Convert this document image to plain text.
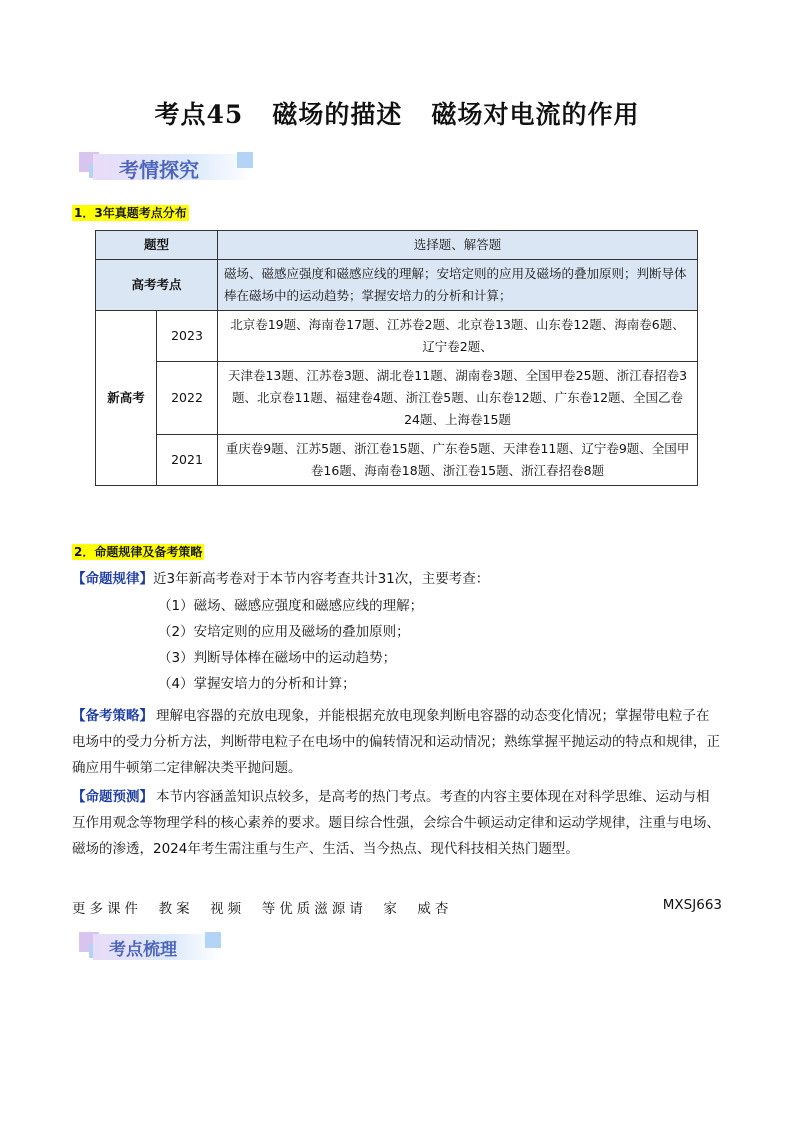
考点45   磁场的描述   磁场对电流的作用
考情探究
1．3年真题考点分布
题型		选择题、解答题
高考考点		磁场、磁感应强度和磁感应线的理解；安培定则的应用及磁场的叠加原则；判断导体棒在磁场中的运动趋势；掌握安培力的分析和计算；
新高考	2023	北京卷19题、海南卷17题、江苏卷2题、北京卷13题、山东卷12题、海南卷6题、辽宁卷2题、
	2022	天津卷13题、江苏卷3题、湖北卷11题、湖南卷3题、全国甲卷25题、浙江春招卷3题、北京卷11题、福建卷4题、浙江卷5题、山东卷12题、广东卷12题、全国乙卷24题、上海卷15题
	2021	重庆卷9题、江苏5题、浙江卷15题、广东卷5题、天津卷11题、辽宁卷9题、全国甲卷16题、海南卷18题、浙江卷15题、浙江春招卷8题
2．命题规律及备考策略
【命题规律】近3年新高考卷对于本节内容考查共计31次，主要考查：
（1）磁场、磁感应强度和磁感应线的理解；
（2）安培定则的应用及磁场的叠加原则；
（3）判断导体棒在磁场中的运动趋势；
（4）掌握安培力的分析和计算；
【备考策略】 理解电容器的充放电现象，并能根据充放电现象判断电容器的动态变化情况；掌握带电粒子在电场中的受力分析方法，判断带电粒子在电场中的偏转情况和运动情况；熟练掌握平抛运动的特点和规律，正确应用牛顿第二定律解决类平抛问题。
【命题预测】 本节内容涵盖知识点较多，是高考的热门考点。考查的内容主要体现在对科学思维、运动与相互作用观念等物理学科的核心素养的要求。题目综合性强，会综合牛顿运动定律和运动学规律，注重与电场、磁场的渗透，2024年考生需注重与生产、生活、当今热点、现代科技相关热门题型。
更多课件  教案  视频  等优质滋源请  家  威杏	MXSJ663
考点梳理
